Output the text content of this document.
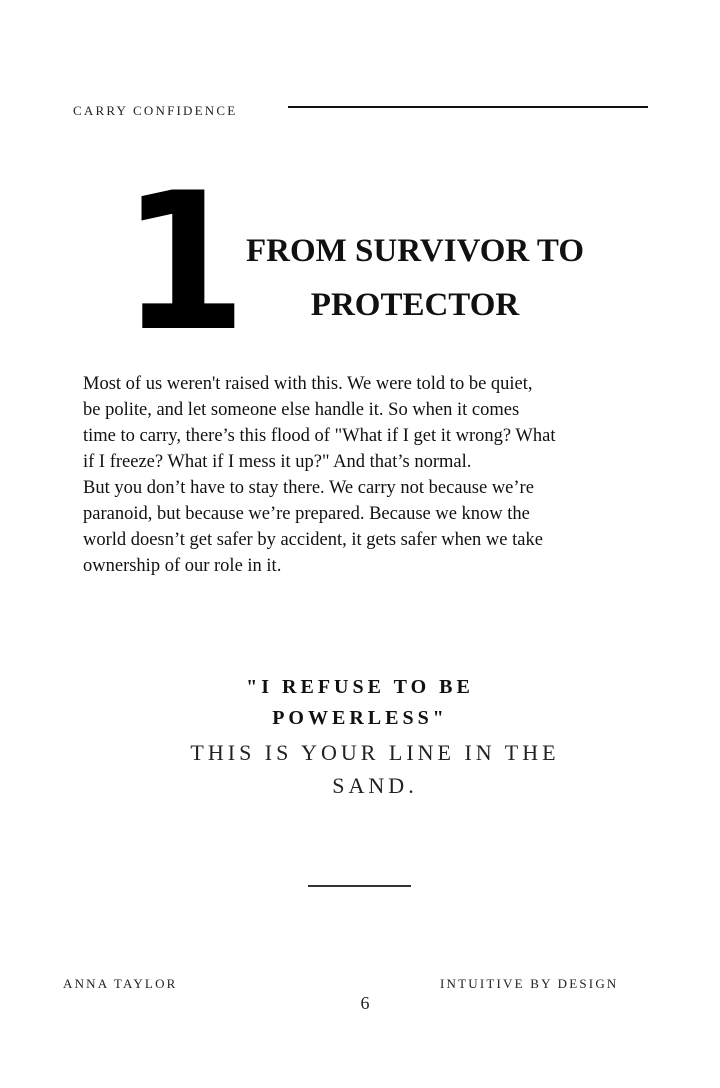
CARRY CONFIDENCE
1 FROM SURVIVOR TO
PROTECTOR
Most of us weren't raised with this. We were told to be quiet,
be polite, and let someone else handle it. So when it comes
time to carry, there’s this flood of "What if I get it wrong? What
if I freeze? What if I mess it up?" And that’s normal.
But you don’t have to stay there. We carry not because we’re
paranoid, but because we’re prepared. Because we know the
world doesn’t get safer by accident, it gets safer when we take
ownership of our role in it.
"I REFUSE TO BE
POWERLESS"
THIS IS YOUR LINE IN THE
SAND.
ANNA TAYLOR	INTUITIVE BY DESIGN
6
